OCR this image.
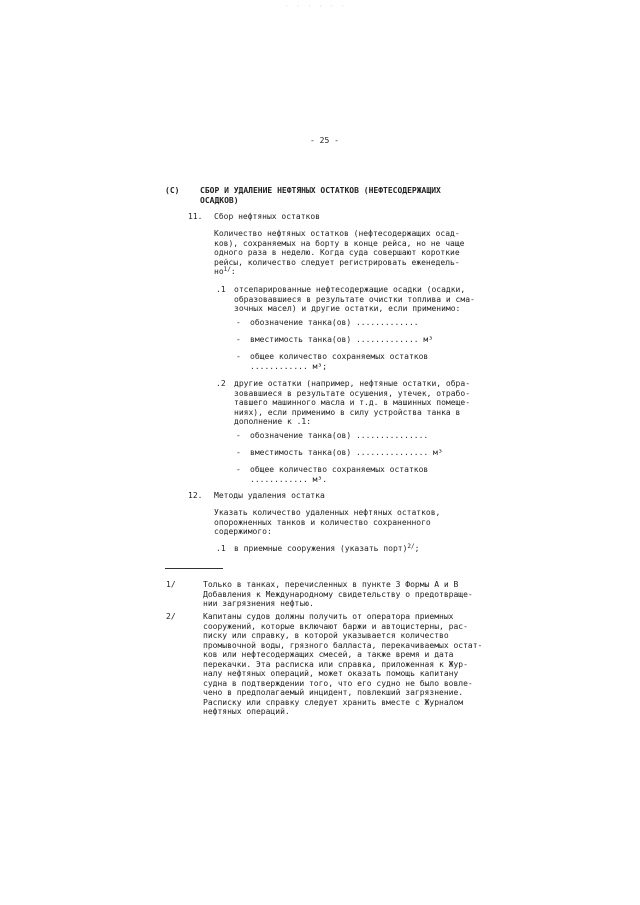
· · · · · ·
- 25 -
(C)	СБОР И УДАЛЕНИЕ НЕФТЯНЫХ ОСТАТКОВ (НЕФТЕСОДЕРЖАЩИХ
ОСАДКОВ)
11. Сбор нефтяных остатков
Количество нефтяных остатков (нефтесодержащих осад-
ков), сохраняемых на борту в конце рейса, но не чаще
одного раза в неделю. Когда суда совершают короткие
рейсы, количество следует регистрировать еженедель-
$но^{1/}$:
.1 отсепарированные нефтесодержащие осадки (осадки,
образовавшиеся в результате очистки топлива и сма-
зочных масел) и другие остатки, если применимо:
- обозначение танка(ов) .............
- вместимость танка(ов) ............. м³
- общее количество сохраняемых остатков
............ м³;
.2 другие остатки (например, нефтяные остатки, обра-
зовавшиеся в результате осушения, утечек, отрабо-
тавшего машинного масла и т.д. в машинных помеще-
ниях), если применимо в силу устройства танка в
дополнение к .1:
- обозначение танка(ов) ...............
- вместимость танка(ов) ............... м³
- общее количество сохраняемых остатков
............ м³.
12. Методы удаления остатка
Указать количество удаленных нефтяных остатков,
опорожненных танков и количество сохраненного
содержимого:
.1 в приемные сооружения (указать порт)$^{2/}$;
1/	Только в танках, перечисленных в пункте 3 Формы А и В
Добавления к Международному свидетельству о предотвраще-
нии загрязнения нефтью.
2/	Капитаны судов должны получить от оператора приемных
сооружений, которые включают баржи и автоцистерны, рас-
писку или справку, в которой указывается количество
промывочной воды, грязного балласта, перекачиваемых остат-
ков или нефтесодержащих смесей, а также время и дата
перекачки. Эта расписка или справка, приложенная к Жур-
налу нефтяных операций, может оказать помощь капитану
судна в подтверждении того, что его судно не было вовле-
чено в предполагаемый инцидент, повлекший загрязнение.
Расписку или справку следует хранить вместе с Журналом
нефтяных операций.
